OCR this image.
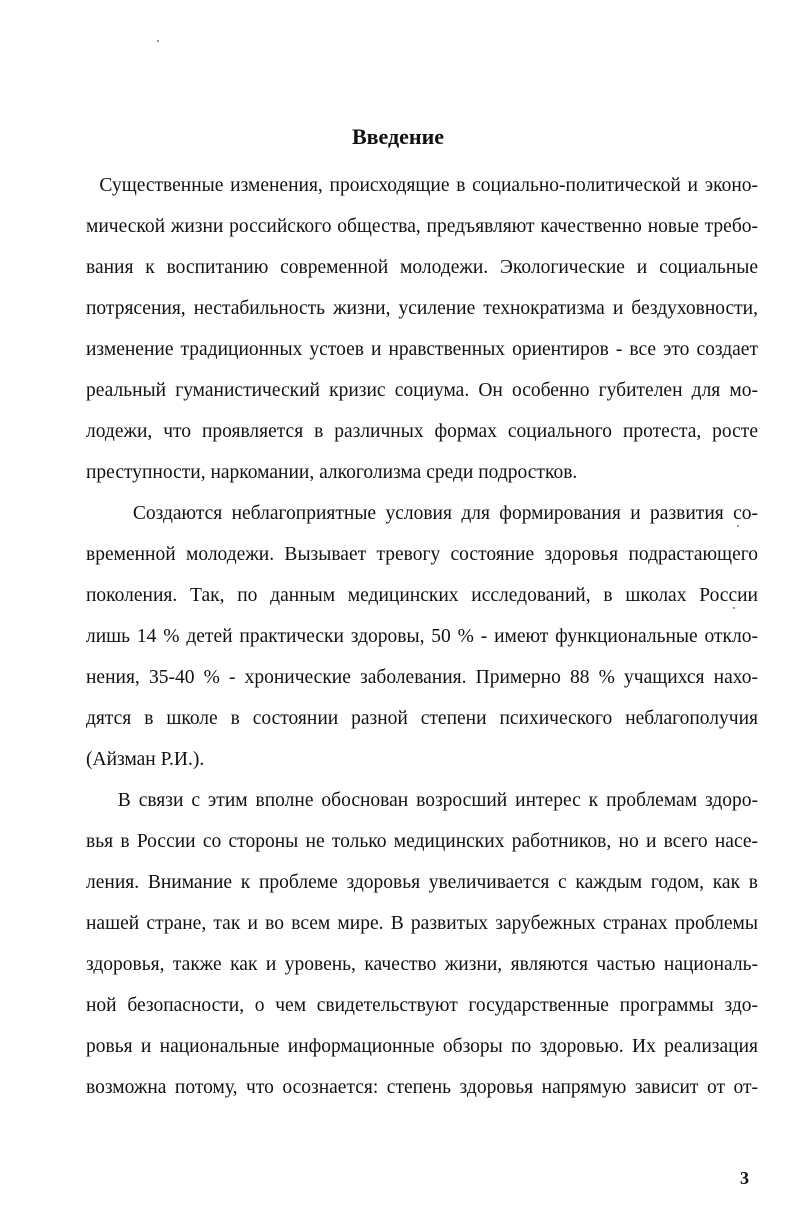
Введение
Существенные изменения, происходящие в социально-политической и эконо-
мической жизни российского общества, предъявляют качественно новые требо-
вания к воспитанию современной молодежи. Экологические и социальные
потрясения, нестабильность жизни, усиление технократизма и бездуховности,
изменение традиционных устоев и нравственных ориентиров - все это создает
реальный гуманистический кризис социума. Он особенно губителен для мо-
лодежи, что проявляется в различных формах социального протеста, росте
преступности, наркомании, алкоголизма среди подростков.
Создаются неблагоприятные условия для формирования и развития со-
временной молодежи. Вызывает тревогу состояние здоровья подрастающего
поколения. Так, по данным медицинских исследований, в школах России
лишь 14 % детей практически здоровы, 50 % - имеют функциональные откло-
нения, 35-40 % - хронические заболевания. Примерно 88 % учащихся нахо-
дятся в школе в состоянии разной степени психического неблагополучия
(Айзман Р.И.).
В связи с этим вполне обоснован возросший интерес к проблемам здоро-
вья в России со стороны не только медицинских работников, но и всего насе-
ления. Внимание к проблеме здоровья увеличивается с каждым годом, как в
нашей стране, так и во всем мире. В развитых зарубежных странах проблемы
здоровья, также как и уровень, качество жизни, являются частью националь-
ной безопасности, о чем свидетельствуют государственные программы здо-
ровья и национальные информационные обзоры по здоровью. Их реализация
возможна потому, что осознается: степень здоровья напрямую зависит от от-
3
